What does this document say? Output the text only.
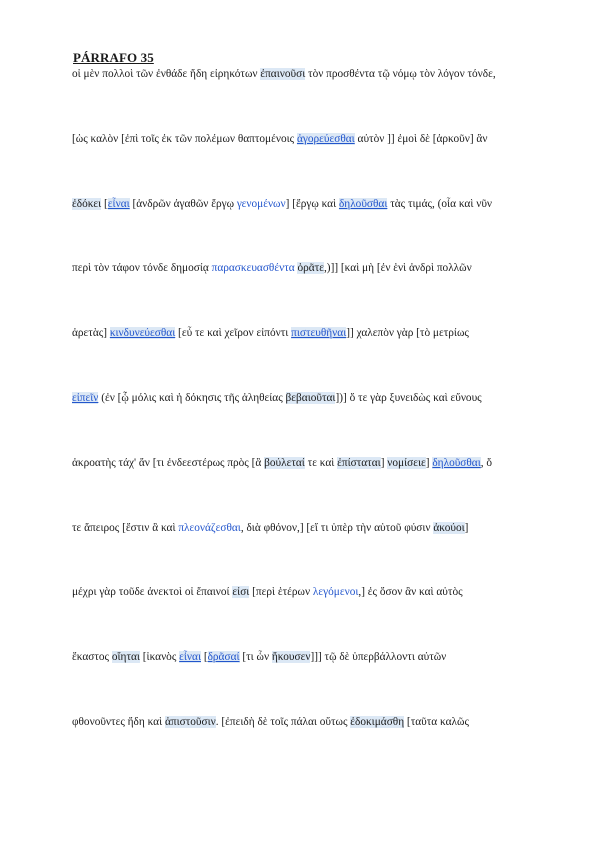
PÁRRAFO 35
οἱ μὲν πολλοὶ τῶν ἐνθάδε ἤδη εἰρηκότων ἐπαινοῦσι τὸν προσθέντα τῷ νόμῳ τὸν λόγον τόνδε,
[ὡς καλὸν [ἐπὶ τοῖς ἐκ τῶν πολέμων θαπτομένοις ἀγορεύεσθαι αὐτὸν ]] ἐμοὶ δὲ [ἀρκοῦν] ἂν
ἐδόκει [εἶναι [ἀνδρῶν ἀγαθῶν ἔργῳ γενομένων] [ἔργῳ καὶ δηλοῦσθαι τὰς τιμάς, (οἷα καὶ νῦν
περὶ τὸν τάφον τόνδε δημοσίᾳ παρασκευασθέντα ὁρᾶτε,)]] [καὶ μὴ [ἐν ἑνὶ ἀνδρὶ πολλῶν
ἀρετὰς] κινδυνεύεσθαι [εὖ τε καὶ χεῖρον εἰπόντι πιστευθῆναι]] χαλεπὸν γὰρ [τὸ μετρίως
εἰπεῖν (ἐν [ᾧ μόλις καὶ ἡ δόκησις τῆς ἀληθείας βεβαιοῦται])] ὅ τε γὰρ ξυνειδὼς καὶ εὔνους
ἀκροατὴς τάχ' ἄν [τι ἐνδεεστέρως πρὸς [ἃ βούλεταί τε καὶ ἐπίσταται] νομίσειε] δηλοῦσθαι, ὅ
τε ἄπειρος [ἔστιν ἃ καὶ πλεονάζεσθαι, διὰ φθόνον,] [εἴ τι ὑπὲρ τὴν αὑτοῦ φύσιν ἀκούοι]
μέχρι γὰρ τοῦδε ἀνεκτοὶ οἱ ἔπαινοί εἰσι [περὶ ἑτέρων λεγόμενοι,] ἐς ὅσον ἂν καὶ αὐτὸς
ἕκαστος οἴηται [ἱκανὸς εἶναι [δρᾶσαί [τι ὧν ἤκουσεν]]] τῷ δὲ ὑπερβάλλοντι αὐτῶν
φθονοῦντες ἤδη καὶ ἀπιστοῦσιν. [ἐπειδὴ δὲ τοῖς πάλαι οὕτως ἐδοκιμάσθη [ταῦτα καλῶς
